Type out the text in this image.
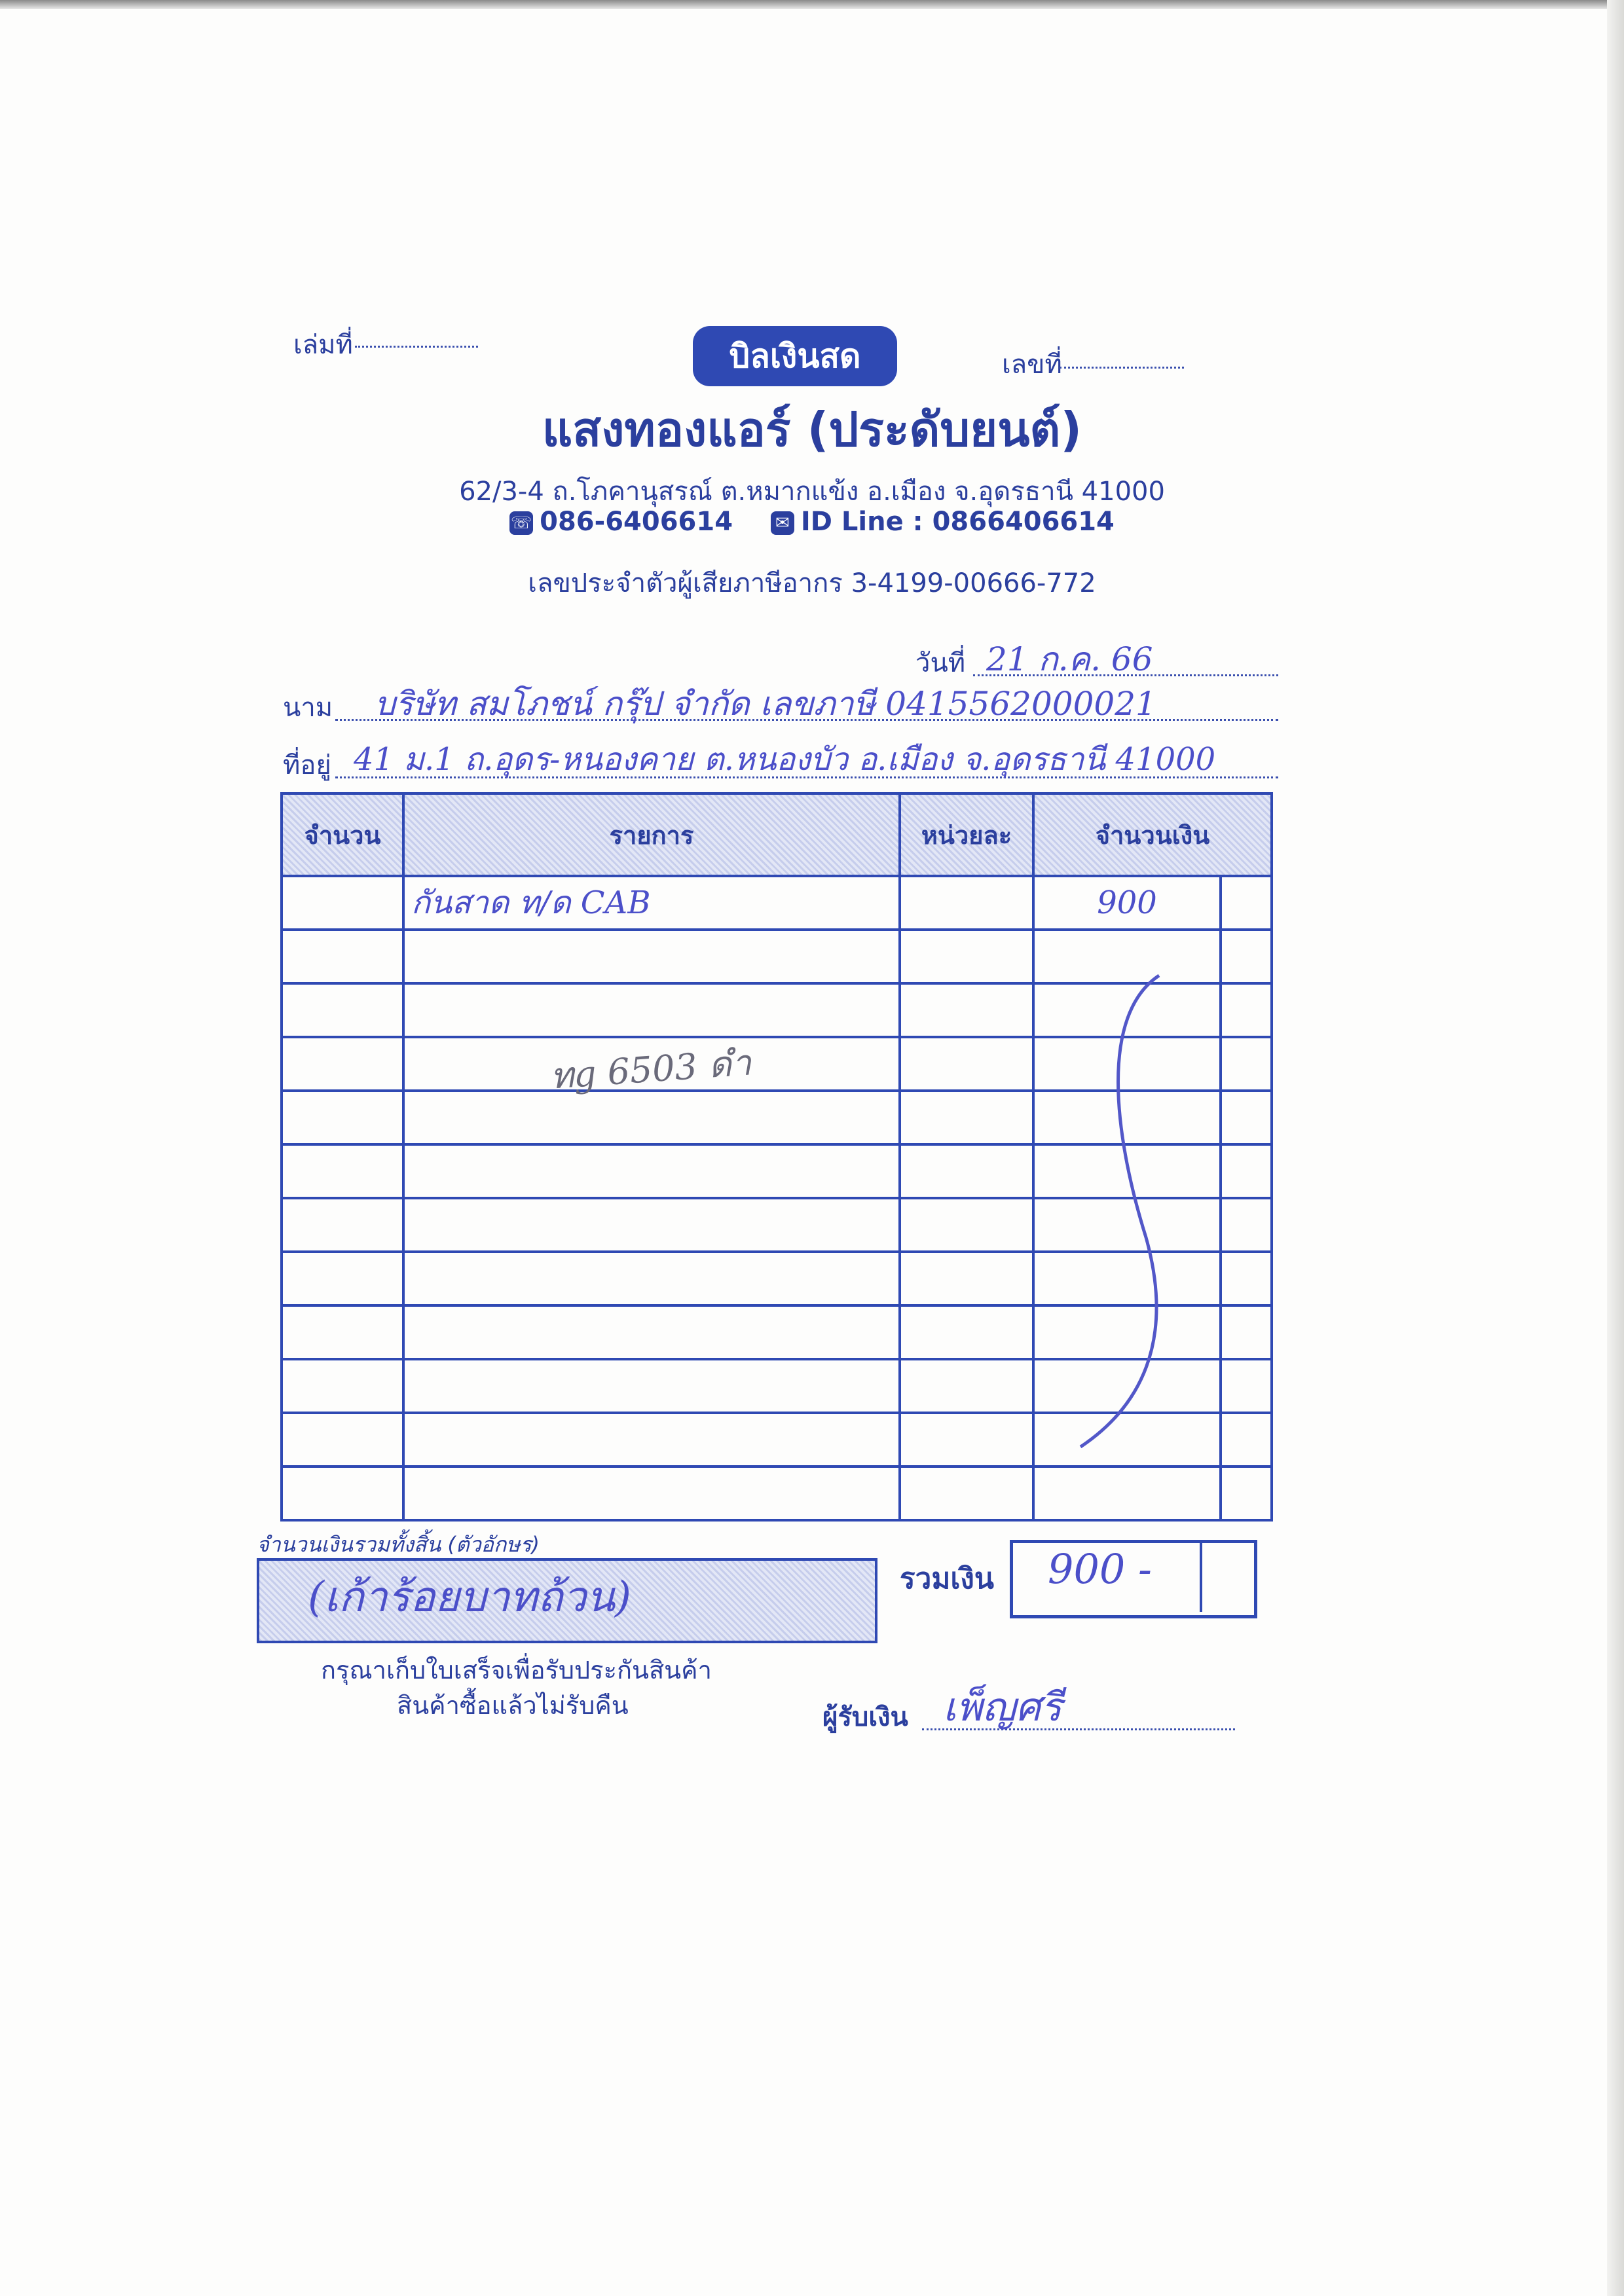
เล่มที่	บิลเงินสด	เลขที่
แสงทองแอร์ (ประดับยนต์)
62/3-4 ถ.โภคานุสรณ์ ต.หมากแข้ง อ.เมือง จ.อุดรธานี 41000
☏ 086-6406614 ✉ ID Line : 0866406614
เลขประจำตัวผู้เสียภาษีอากร 3-4199-00666-772
วันที่ 21 ก.ค. 66
นาม บริษัท สมโภชน์ กรุ๊ป จำกัด เลขภาษี 0415562000021
ที่อยู่ 41 ม.1 ถ.อุดร-หนองคาย ต.หนองบัว อ.เมือง จ.อุดรธานี 41000
จำนวน	รายการ	หน่วยละ	จำนวนเงิน	
	กันสาด ท/ด CAB		900	

ทg 6503 ดำ
จำนวนเงินรวมทั้งสิ้น (ตัวอักษร)
(เก้าร้อยบาทถ้วน)	รวมเงิน 900 -
กรุณาเก็บใบเสร็จเพื่อรับประกันสินค้า
สินค้าซื้อแล้วไม่รับคืน	ผู้รับเงิน เพ็ญศรี
